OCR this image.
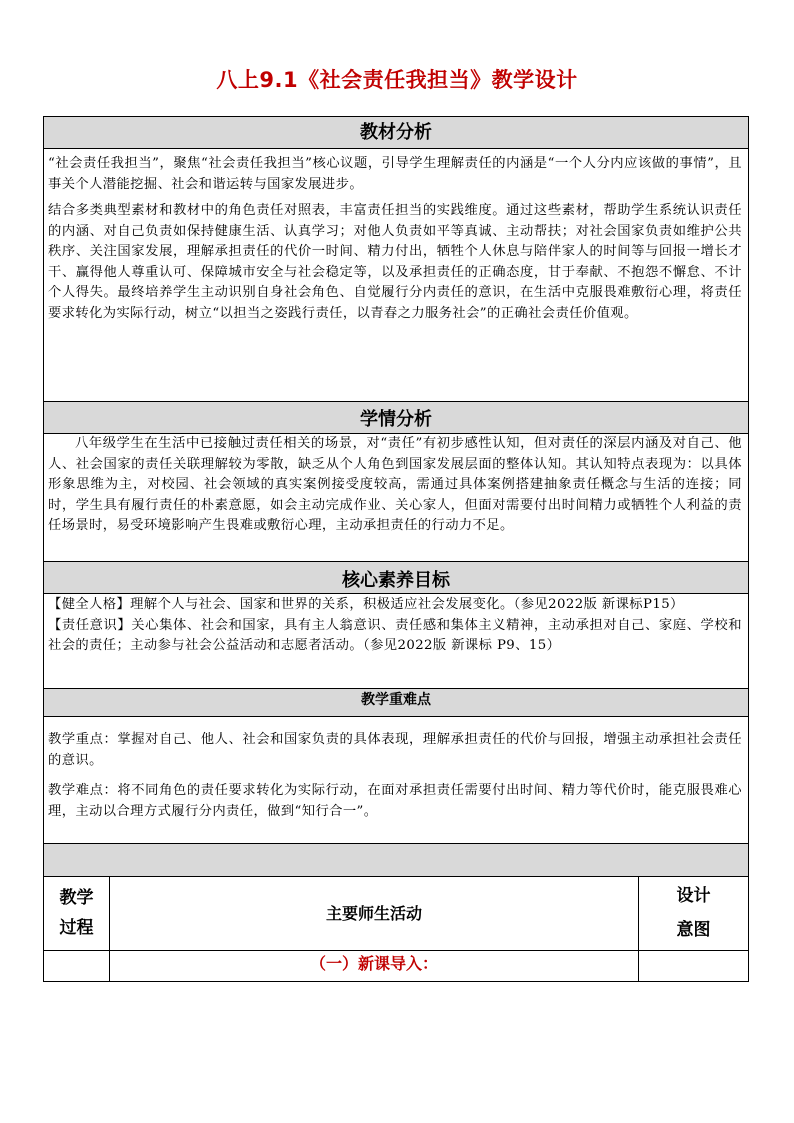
八上9.1《社会责任我担当》教学设计
教材分析

“社会责任我担当”，聚焦“社会责任我担当”核心议题，引导学生理解责任的内涵是“一个人分内应该做的事情”，且事关个人潜能挖掘、社会和谐运转与国家发展进步。

结合多类典型素材和教材中的角色责任对照表，丰富责任担当的实践维度。通过这些素材，帮助学生系统认识责任的内涵、对自己负责如保持健康生活、认真学习；对他人负责如平等真诚、主动帮扶；对社会国家负责如维护公共秩序、关注国家发展，理解承担责任的代价一时间、精力付出，牺牲个人休息与陪伴家人的时间等与回报一增长才干、赢得他人尊重认可、保障城市安全与社会稳定等，以及承担责任的正确态度，甘于奉献、不抱怨不懈怠、不计个人得失。最终培养学生主动识别自身社会角色、自觉履行分内责任的意识，在生活中克服畏难敷衍心理，将责任要求转化为实际行动，树立“以担当之姿践行责任，以青春之力服务社会”的正确社会责任价值观。

学情分析

八年级学生在生活中已接触过责任相关的场景，对“责任”有初步感性认知，但对责任的深层内涵及对自己、他人、社会国家的责任关联理解较为零散，缺乏从个人角色到国家发展层面的整体认知。其认知特点表现为：以具体形象思维为主，对校园、社会领域的真实案例接受度较高，需通过具体案例搭建抽象责任概念与生活的连接；同时，学生具有履行责任的朴素意愿，如会主动完成作业、关心家人，但面对需要付出时间精力或牺牲个人利益的责任场景时，易受环境影响产生畏难或敷衍心理，主动承担责任的行动力不足。

核心素养目标

【健全人格】理解个人与社会、国家和世界的关系，积极适应社会发展变化。（参见2022版 新课标P15）

【责任意识】关心集体、社会和国家，具有主人翁意识、责任感和集体主义精神，主动承担对自己、家庭、学校和社会的责任；主动参与社会公益活动和志愿者活动。（参见2022版 新课标 P9、15）

教学重难点

教学重点：掌握对自己、他人、社会和国家负责的具体表现，理解承担责任的代价与回报，增强主动承担社会责任的意识。

教学难点：将不同角色的责任要求转化为实际行动，在面对承担责任需要付出时间、精力等代价时，能克服畏难心理，主动以合理方式履行分内责任，做到“知行合一”。

教学
过程
主要师生活动
设计
意图
（一）新课导入：
